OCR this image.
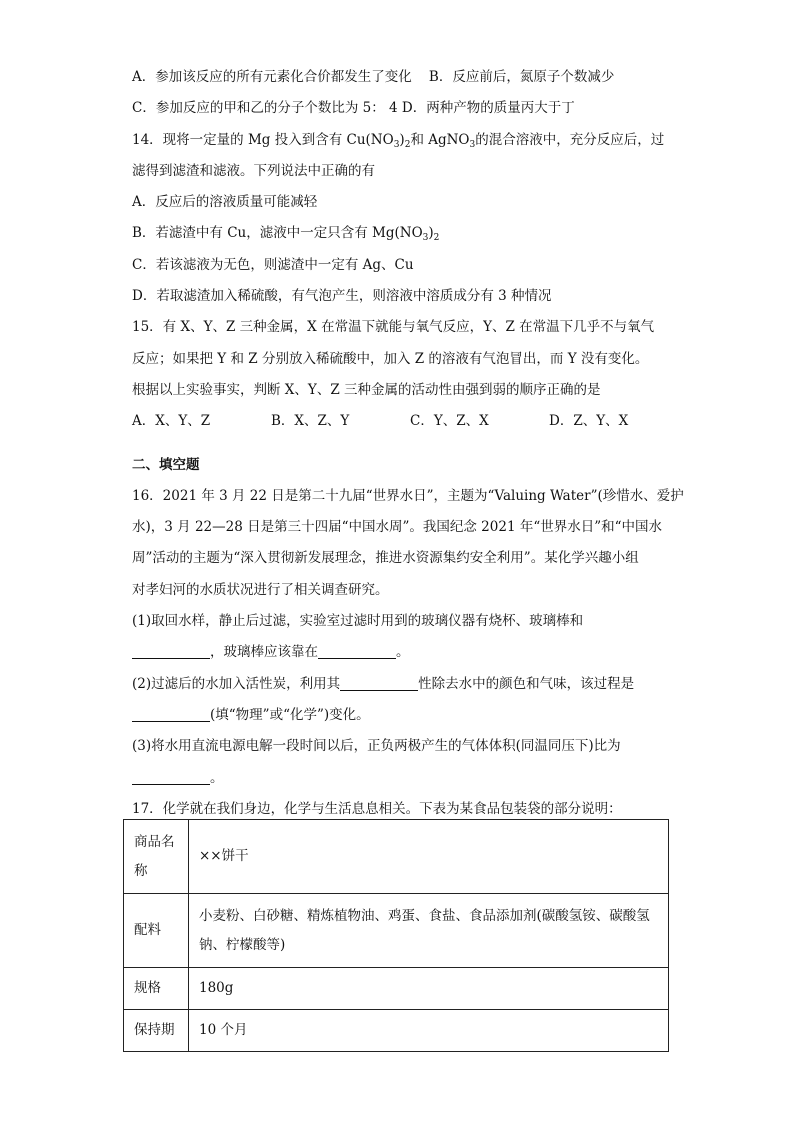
A．参加该反应的所有元素化合价都发生了变化 B．反应前后，氮原子个数减少
C．参加反应的甲和乙的分子个数比为 5： 4 D．两种产物的质量丙大于丁
14．现将一定量的 Mg 投入到含有 $Cu(NO_3)_2$和 AgNO$_3$的混合溶液中，充分反应后，过
滤得到滤渣和滤液。下列说法中正确的有
A．反应后的溶液质量可能减轻
B．若滤渣中有 Cu，滤液中一定只含有 $Mg(NO_3)_2$
C．若该滤液为无色，则滤渣中一定有 Ag、Cu
D．若取滤渣加入稀硫酸，有气泡产生，则溶液中溶质成分有 3 种情况
15．有 X、Y、Z 三种金属，X 在常温下就能与氧气反应，Y、Z 在常温下几乎不与氧气
反应；如果把 Y 和 Z 分别放入稀硫酸中，加入 Z 的溶液有气泡冒出，而 Y 没有变化。
根据以上实验事实，判断 X、Y、Z 三种金属的活动性由强到弱的顺序正确的是
A．X、Y、Z	B．X、Z、Y	C．Y、Z、X	D．Z、Y、X
二、填空题
16．2021 年 3 月 22 日是第二十九届“世界水日”，主题为“Valuing Water”(珍惜水、爱护
水)，3 月 22—28 日是第三十四届“中国水周”。我国纪念 2021 年“世界水日”和“中国水
周”活动的主题为“深入贯彻新发展理念，推进水资源集约安全利用”。某化学兴趣小组
对孝妇河的水质状况进行了相关调查研究。
(1)取回水样，静止后过滤，实验室过滤时用到的玻璃仪器有烧杯、玻璃棒和
，玻璃棒应该靠在	。
(2)过滤后的水加入活性炭，利用其	性除去水中的颜色和气味，该过程是
(填“物理”或“化学”)变化。
(3)将水用直流电源电解一段时间以后，正负两极产生的气体体积(同温同压下)比为
。
17．化学就在我们身边，化学与生活息息相关。下表为某食品包装袋的部分说明：
商品名
称	××饼干
配料	小麦粉、白砂糖、精炼植物油、鸡蛋、食盐、食品添加剂(碳酸氢铵、碳酸氢
钠、柠檬酸等)
规格	180g
保持期	10 个月
